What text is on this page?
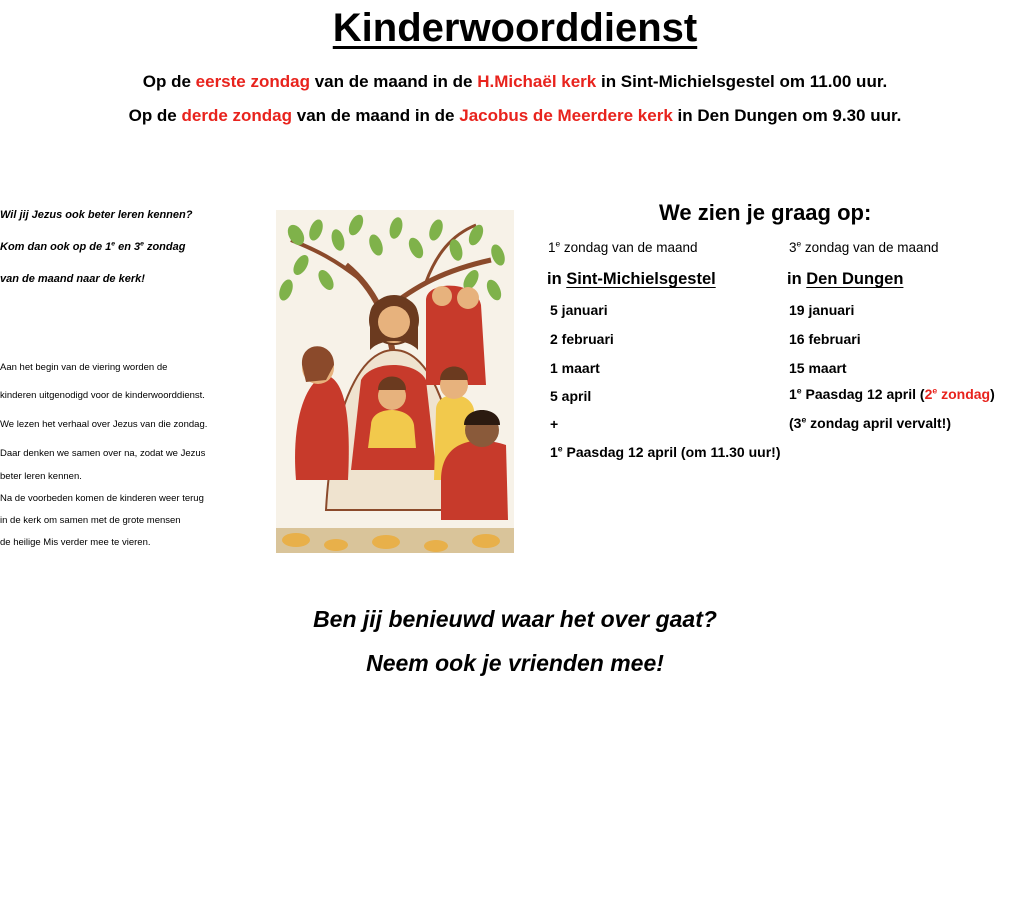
Kinderwoorddienst
Op de eerste zondag van de maand in de H.Michaël kerk in Sint-Michielsgestel om 11.00 uur.
Op de derde zondag van de maand in de Jacobus de Meerdere kerk in Den Dungen om 9.30 uur.
Wil jij Jezus ook beter leren kennen?
Kom dan ook op de 1e en 3e zondag
van de maand naar de kerk!
Aan het begin van de viering worden de
kinderen uitgenodigd voor de kinderwoorddienst.
We lezen het verhaal over Jezus van die zondag.
Daar denken we samen over na, zodat we Jezus
beter leren kennen.
Na de voorbeden komen de kinderen weer terug
in de kerk om samen met de grote mensen
de heilige Mis verder mee te vieren.
We zien je graag op:
1e zondag van de maand	3e zondag van de maand
in Sint-Michielsgestel	in Den Dungen
5 januari
2 februari
1 maart
5 april
+
$1^e$ Paasdag 12 april (om 11.30 uur!)
19 januari
16 februari
15 maart
1e Paasdag 12 april (2e zondag)
(3e zondag april vervalt!)
Ben jij benieuwd waar het over gaat?
Neem ook je vrienden mee!
